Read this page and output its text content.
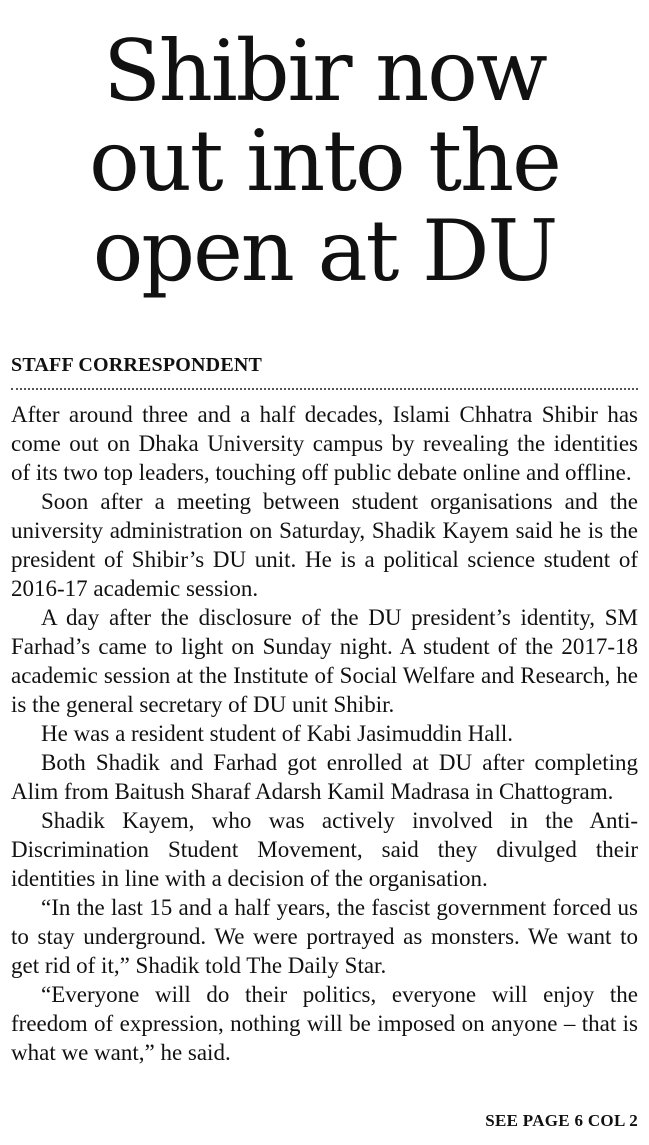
Shibir now
out into the
open at DU
STAFF CORRESPONDENT

After around three and a half decades, Islami Chhatra Shibir has come out on Dhaka University campus by revealing the identities of its two top leaders, touching off public debate online and offline.

Soon after a meeting between student organisations and the university administration on Saturday, Shadik Kayem said he is the president of Shibir’s DU unit. He is a political science student of 2016-17 academic session.

A day after the disclosure of the DU president’s identity, SM Farhad’s came to light on Sunday night. A student of the 2017-18 academic session at the Institute of Social Welfare and Research, he is the general secretary of DU unit Shibir.

He was a resident student of Kabi Jasimuddin Hall.

Both Shadik and Farhad got enrolled at DU after completing Alim from Baitush Sharaf Adarsh Kamil Madrasa in Chattogram.

Shadik Kayem, who was actively involved in the Anti-Discrimination Student Movement, said they divulged their identities in line with a decision of the organisation.

“In the last 15 and a half years, the fascist government forced us to stay underground. We were portrayed as monsters. We want to get rid of it,” Shadik told The Daily Star.

“Everyone will do their politics, everyone will enjoy the freedom of expression, nothing will be imposed on anyone – that is what we want,” he said.

SEE PAGE 6 COL 2
